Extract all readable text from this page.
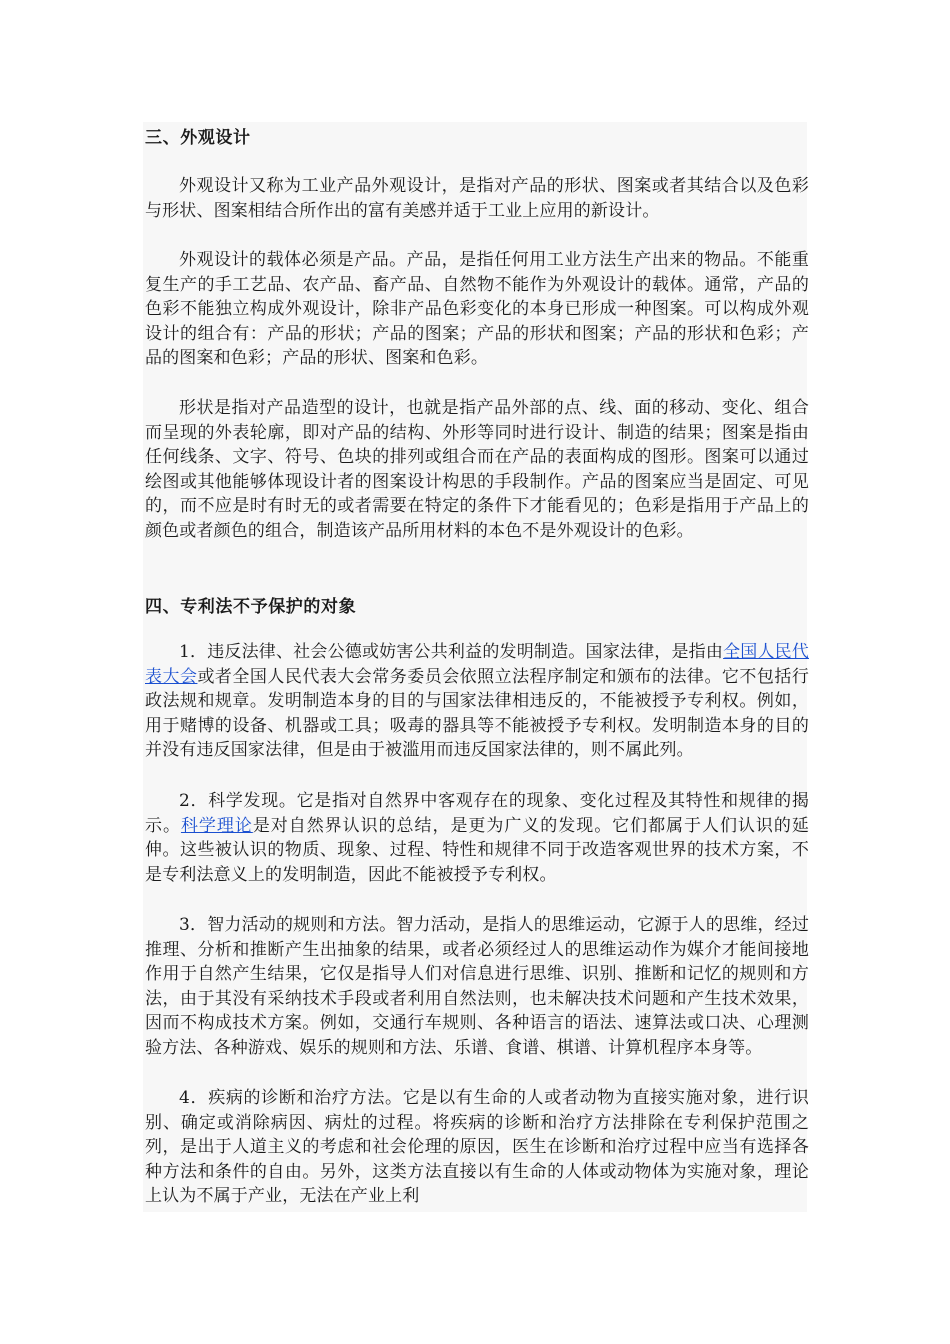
三、外观设计

外观设计又称为工业产品外观设计，是指对产品的形状、图案或者其结合以及色彩与形状、图案相结合所作出的富有美感并适于工业上应用的新设计。

外观设计的载体必须是产品。产品，是指任何用工业方法生产出来的物品。不能重复生产的手工艺品、农产品、畜产品、自然物不能作为外观设计的载体。通常，产品的色彩不能独立构成外观设计，除非产品色彩变化的本身已形成一种图案。可以构成外观设计的组合有：产品的形状；产品的图案；产品的形状和图案；产品的形状和色彩；产品的图案和色彩；产品的形状、图案和色彩。

形状是指对产品造型的设计，也就是指产品外部的点、线、面的移动、变化、组合而呈现的外表轮廓，即对产品的结构、外形等同时进行设计、制造的结果；图案是指由任何线条、文字、符号、色块的排列或组合而在产品的表面构成的图形。图案可以通过绘图或其他能够体现设计者的图案设计构思的手段制作。产品的图案应当是固定、可见的，而不应是时有时无的或者需要在特定的条件下才能看见的；色彩是指用于产品上的颜色或者颜色的组合，制造该产品所用材料的本色不是外观设计的色彩。

四、专利法不予保护的对象

1．违反法律、社会公德或妨害公共利益的发明制造。国家法律，是指由全国人民代表大会或者全国人民代表大会常务委员会依照立法程序制定和颁布的法律。它不包括行政法规和规章。发明制造本身的目的与国家法律相违反的，不能被授予专利权。例如，用于赌博的设备、机器或工具；吸毒的器具等不能被授予专利权。发明制造本身的目的并没有违反国家法律，但是由于被滥用而违反国家法律的，则不属此列。

2．科学发现。它是指对自然界中客观存在的现象、变化过程及其特性和规律的揭示。科学理论是对自然界认识的总结，是更为广义的发现。它们都属于人们认识的延伸。这些被认识的物质、现象、过程、特性和规律不同于改造客观世界的技术方案，不是专利法意义上的发明制造，因此不能被授予专利权。

3．智力活动的规则和方法。智力活动，是指人的思维运动，它源于人的思维，经过推理、分析和推断产生出抽象的结果，或者必须经过人的思维运动作为媒介才能间接地作用于自然产生结果，它仅是指导人们对信息进行思维、识别、推断和记忆的规则和方法，由于其没有采纳技术手段或者利用自然法则，也未解决技术问题和产生技术效果，因而不构成技术方案。例如，交通行车规则、各种语言的语法、速算法或口决、心理测验方法、各种游戏、娱乐的规则和方法、乐谱、食谱、棋谱、计算机程序本身等。

4．疾病的诊断和治疗方法。它是以有生命的人或者动物为直接实施对象，进行识别、确定或消除病因、病灶的过程。将疾病的诊断和治疗方法排除在专利保护范围之列，是出于人道主义的考虑和社会伦理的原因，医生在诊断和治疗过程中应当有选择各种方法和条件的自由。另外，这类方法直接以有生命的人体或动物体为实施对象，理论上认为不属于产业，无法在产业上利
